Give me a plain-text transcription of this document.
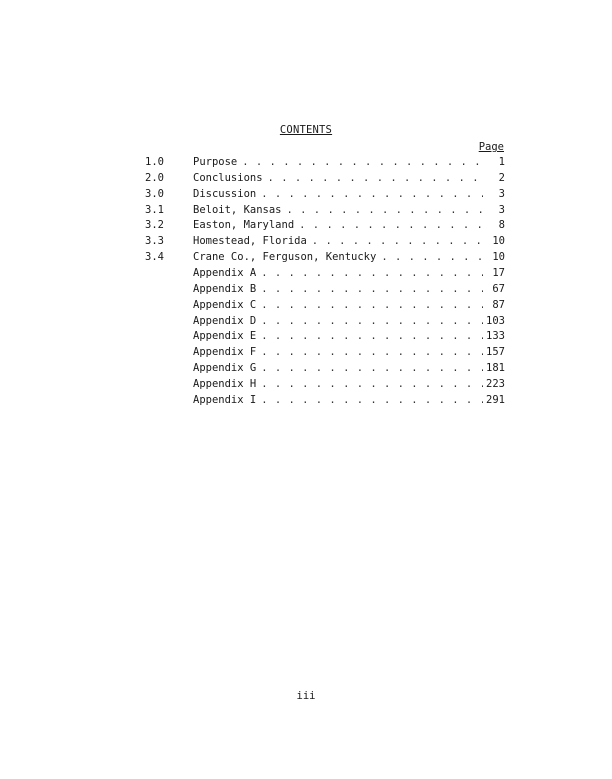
CONTENTS
Page
1.0	Purpose . . .	1
2.0	Conclusions . . .	2
3.0	Discussion . . .	3
3.1	Beloit, Kansas . . .	3
3.2	Easton, Maryland . . .	8
3.3	Homestead, Florida . . .	10
3.4	Crane Co., Ferguson, Kentucky . . .	10
Appendix A . . .	17
Appendix B . . .	67
Appendix C . . .	87
Appendix D . . .	103
Appendix E . . .	133
Appendix F . . .	157
Appendix G . . .	181
Appendix H . . .	223
Appendix I . . .	291
iii
